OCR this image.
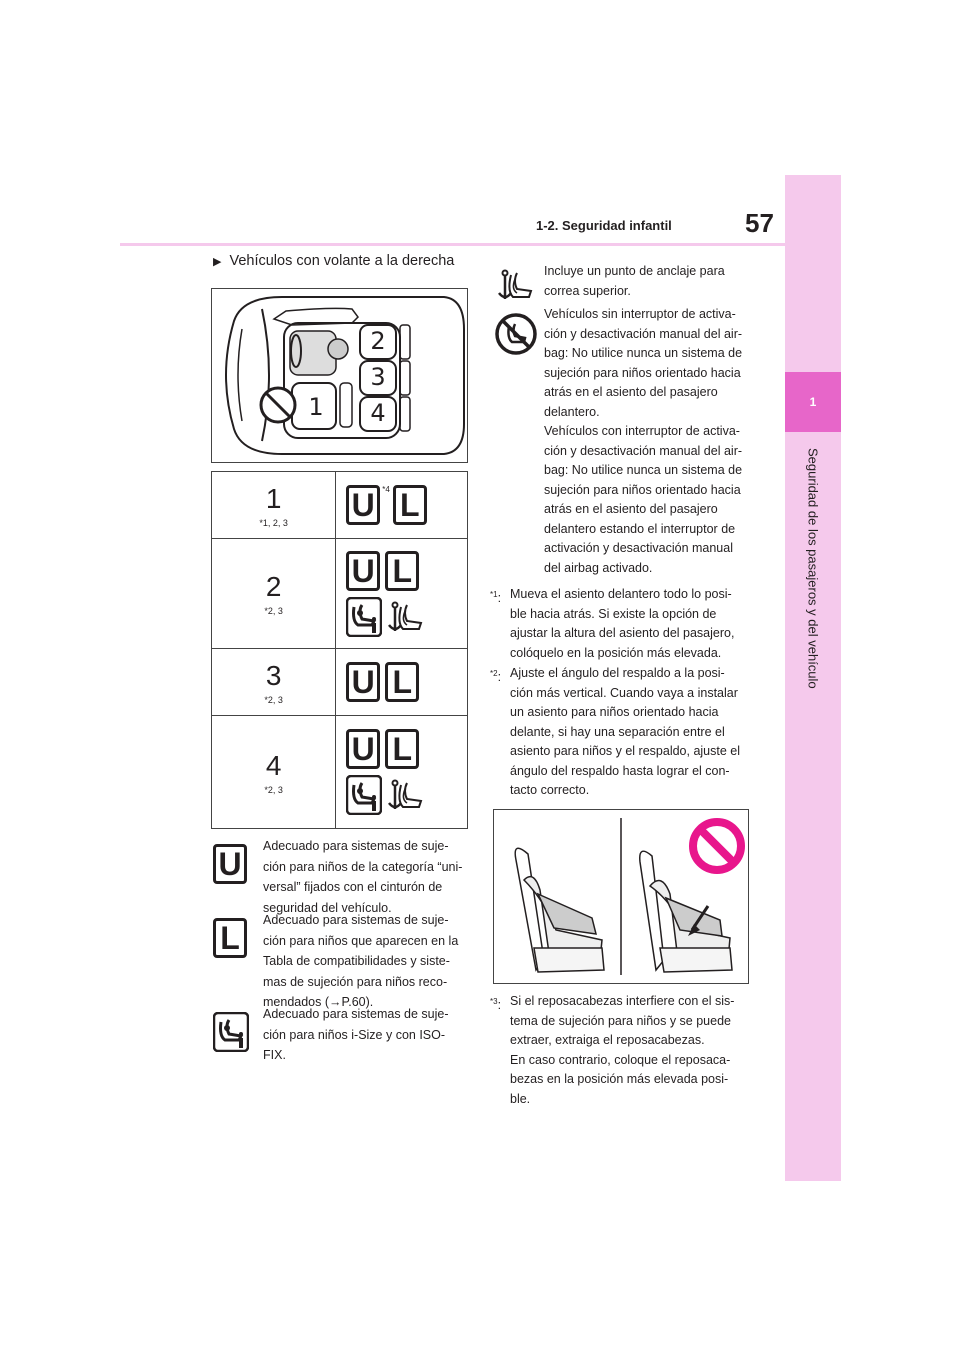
1
Seguridad de los pasajeros y del vehículo
1-2. Seguridad infantil	57
▶ Vehículos con volante a la derecha
1
2
3
4
1
*1, 2, 3	U *4 L

2
*2, 3	U L

3
*2, 3	U L

4
*2, 3	U L
U	Adecuado para sistemas de suje-
ción para niños de la categoría “uni-
versal” fijados con el cinturón de
seguridad del vehículo.
L	Adecuado para sistemas de suje-
ción para niños que aparecen en la
Tabla de compatibilidades y siste-
mas de sujeción para niños reco-
mendados (→P.60).
Adecuado para sistemas de suje-
ción para niños i-Size y con ISO-
FIX.
Incluye un punto de anclaje para
correa superior.
Vehículos sin interruptor de activa-
ción y desactivación manual del air-
bag: No utilice nunca un sistema de
sujeción para niños orientado hacia
atrás en el asiento del pasajero
delantero.
Vehículos con interruptor de activa-
ción y desactivación manual del air-
bag: No utilice nunca un sistema de
sujeción para niños orientado hacia
atrás en el asiento del pasajero
delantero estando el interruptor de
activación y desactivación manual
del airbag activado.
$^{*1}$: Mueva el asiento delantero todo lo posi-
ble hacia atrás. Si existe la opción de
ajustar la altura del asiento del pasajero,
colóquelo en la posición más elevada.
$^{*2}$: Ajuste el ángulo del respaldo a la posi-
ción más vertical. Cuando vaya a instalar
un asiento para niños orientado hacia
delante, si hay una separación entre el
asiento para niños y el respaldo, ajuste el
ángulo del respaldo hasta lograr el con-
tacto correcto.
$^{*3}$: Si el reposacabezas interfiere con el sis-
tema de sujeción para niños y se puede
extraer, extraiga el reposacabezas.
En caso contrario, coloque el reposaca-
bezas en la posición más elevada posi-
ble.
